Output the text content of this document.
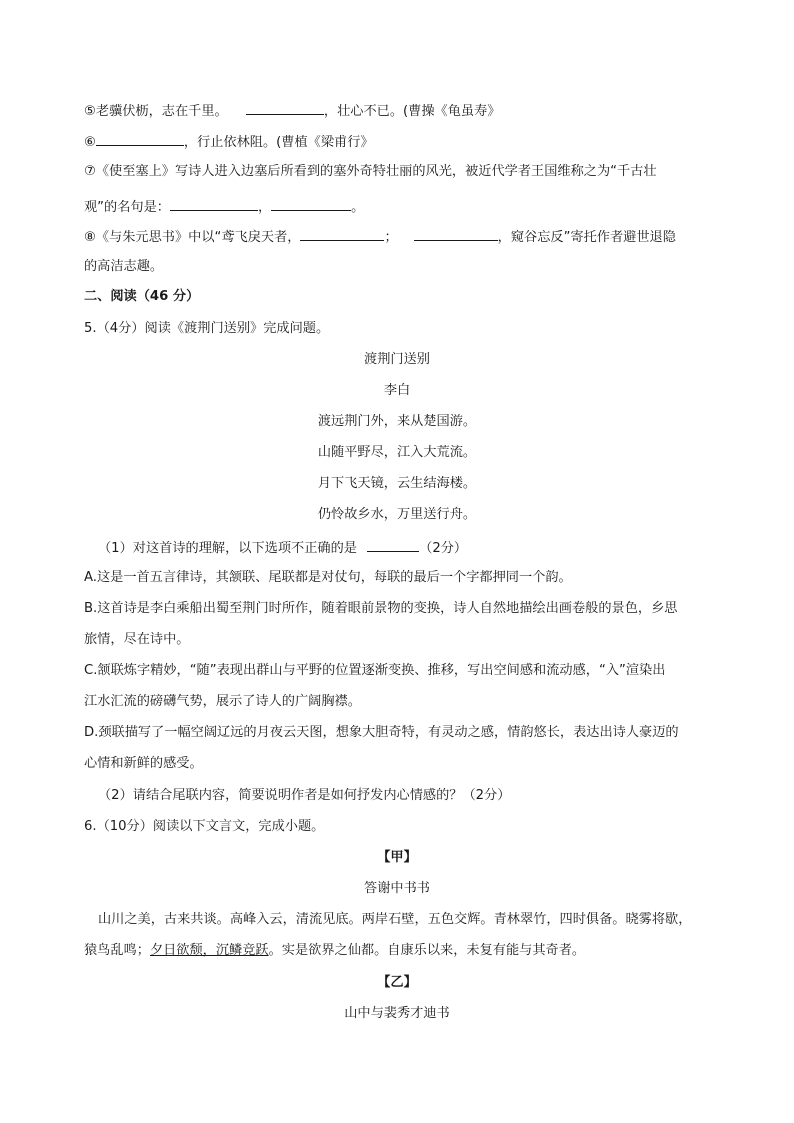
⑤老骥伏枥，志在千里。	，壮心不已。(曹操《龟虽寿》
⑥	，行止依林阻。(曹植《梁甫行》
⑦《使至塞上》写诗人进入边塞后所看到的塞外奇特壮丽的风光，被近代学者王国维称之为“千古壮
观”的名句是：	，	。
⑧《与朱元思书》中以“鸢飞戾天者，	；	，窥谷忘反”寄托作者避世退隐
的高洁志趣。
二、阅读（46 分）
5.（4分）阅读《渡荆门送别》完成问题。
渡荆门送别
李白
渡远荆门外，来从楚国游。
山随平野尽，江入大荒流。
月下飞天镜，云生结海楼。
仍怜故乡水，万里送行舟。
（1）对这首诗的理解，以下选项不正确的是	（2分）
A.这是一首五言律诗，其颔联、尾联都是对仗句，每联的最后一个字都押同一个韵。
B.这首诗是李白乘船出蜀至荆门时所作，随着眼前景物的变换，诗人自然地描绘出画卷般的景色，乡思
旅情，尽在诗中。
C.颔联炼字精妙，“随”表现出群山与平野的位置逐渐变换、推移，写出空间感和流动感，“入”渲染出
江水汇流的磅礴气势，展示了诗人的广阔胸襟。
D.颈联描写了一幅空阔辽远的月夜云天图，想象大胆奇特，有灵动之感，情韵悠长，表达出诗人豪迈的
心情和新鲜的感受。
（2）请结合尾联内容，简要说明作者是如何抒发内心情感的？（2分）
6.（10分）阅读以下文言文，完成小题。
【甲】
答谢中书书
山川之美，古来共谈。高峰入云，清流见底。两岸石壁，五色交辉。青林翠竹，四时俱备。晓雾将歇，
猿鸟乱鸣；夕日欲颓，沉鳞竞跃。实是欲界之仙都。自康乐以来，未复有能与其奇者。
【乙】
山中与裴秀才迪书
